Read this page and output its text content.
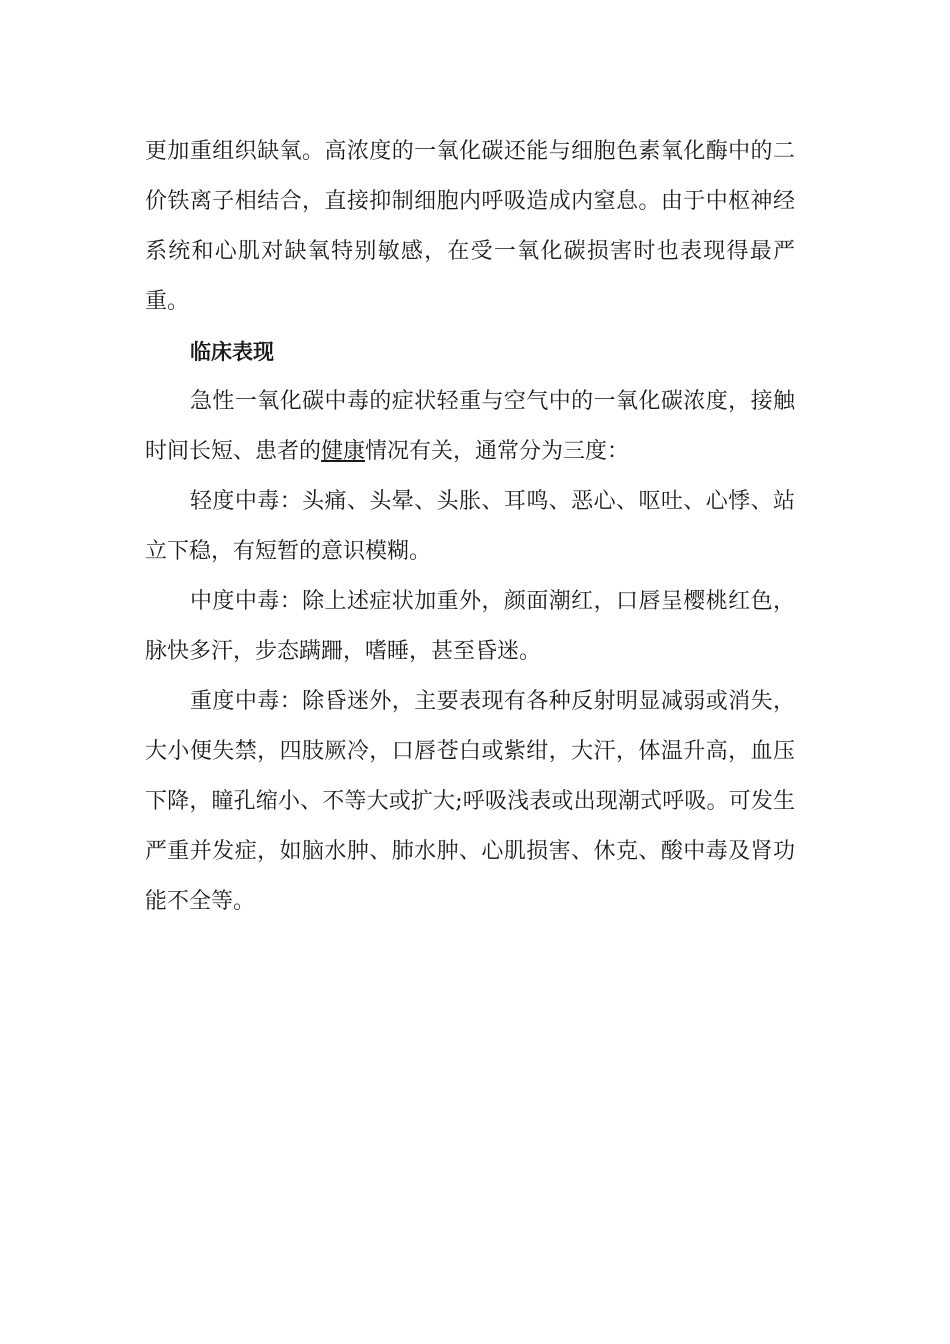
更加重组织缺氧。高浓度的一氧化碳还能与细胞色素氧化酶中的二价铁离子相结合，直接抑制细胞内呼吸造成内窒息。由于中枢神经系统和心肌对缺氧特别敏感，在受一氧化碳损害时也表现得最严重。

临床表现

急性一氧化碳中毒的症状轻重与空气中的一氧化碳浓度，接触时间长短、患者的健康情况有关，通常分为三度：

轻度中毒：头痛、头晕、头胀、耳鸣、恶心、呕吐、心悸、站立下稳，有短暂的意识模糊。

中度中毒：除上述症状加重外，颜面潮红，口唇呈樱桃红色，脉快多汗，步态蹒跚，嗜睡，甚至昏迷。

重度中毒：除昏迷外，主要表现有各种反射明显减弱或消失，大小便失禁，四肢厥冷，口唇苍白或紫绀，大汗，体温升高，血压下降，瞳孔缩小、不等大或扩大;呼吸浅表或出现潮式呼吸。可发生严重并发症，如脑水肿、肺水肿、心肌损害、休克、酸中毒及肾功能不全等。
